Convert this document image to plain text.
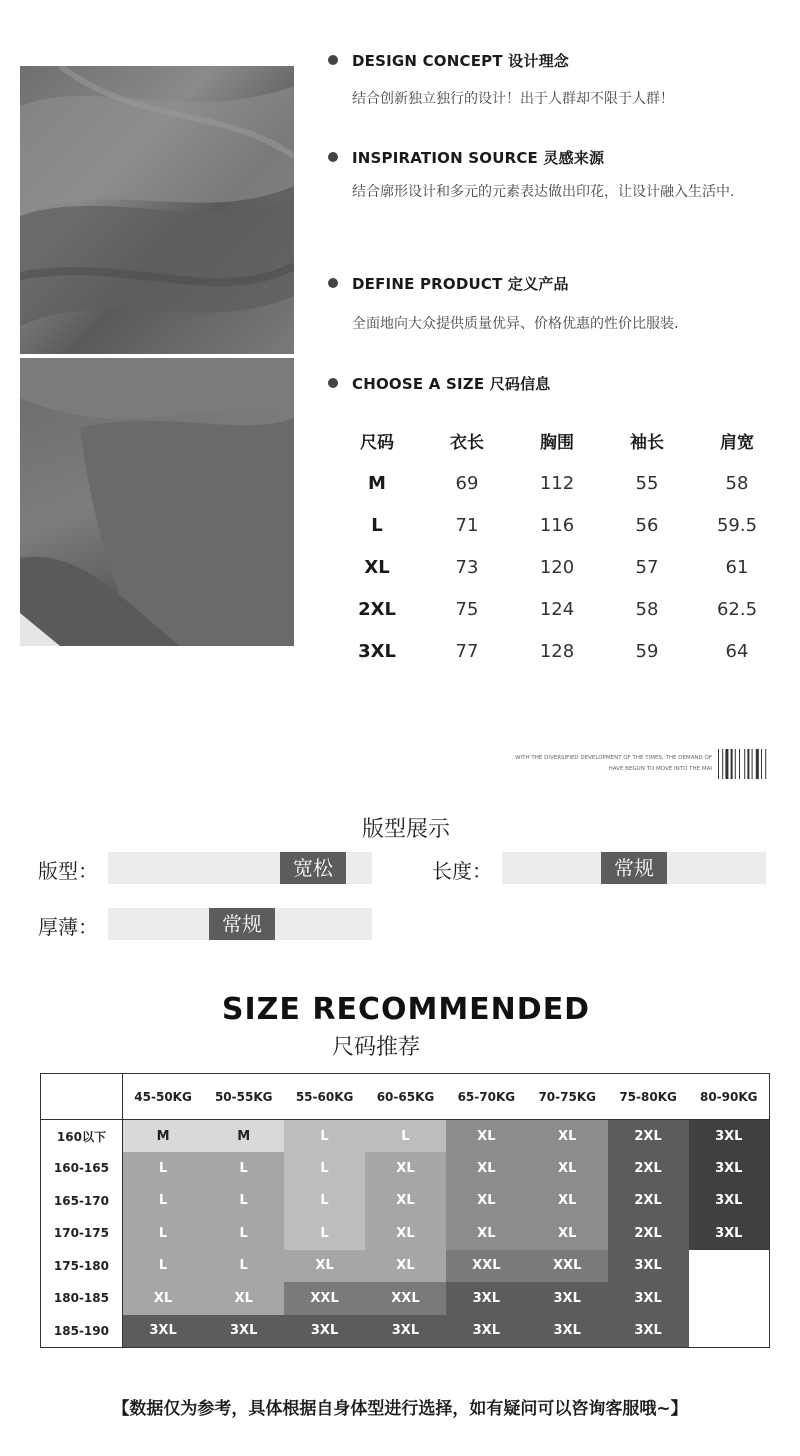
DESIGN CONCEPT 设计理念
结合创新独立独行的设计！出于人群却不限于人群！
INSPIRATION SOURCE 灵感来源
结合廓形设计和多元的元素表达做出印花，让设计融入生活中.
DEFINE PRODUCT 定义产品
全面地向大众提供质量优异、价格优惠的性价比服装.
CHOOSE A SIZE 尺码信息
尺码	衣长	胸围	袖长	肩宽
M	69	112	55	58
L	71	116	56	59.5
XL	73	120	57	61
2XL	75	124	58	62.5
3XL	77	128	59	64
WITH THE DIVERSIFIED DEVELOPMENT OF THE TIMES, THE DEMAND OF
HAVE BEGUN TO MOVE INTO THE MAI
版型展示
版型：	宽松	长度：	常规
厚薄：	常规
SIZE RECOMMENDED
尺码推荐
	45-50KG	50-55KG	55-60KG	60-65KG	65-70KG	70-75KG	75-80KG	80-90KG
160以下	M	M	L	L	XL	XL	2XL	3XL
160-165	L	L	L	XL	XL	XL	2XL	3XL
165-170	L	L	L	XL	XL	XL	2XL	3XL
170-175	L	L	L	XL	XL	XL	2XL	3XL
175-180	L	L	XL	XL	XXL	XXL	3XL	
180-185	XL	XL	XXL	XXL	3XL	3XL	3XL	
185-190	3XL	3XL	3XL	3XL	3XL	3XL	3XL	
【数据仅为参考，具体根据自身体型进行选择，如有疑问可以咨询客服哦~】
